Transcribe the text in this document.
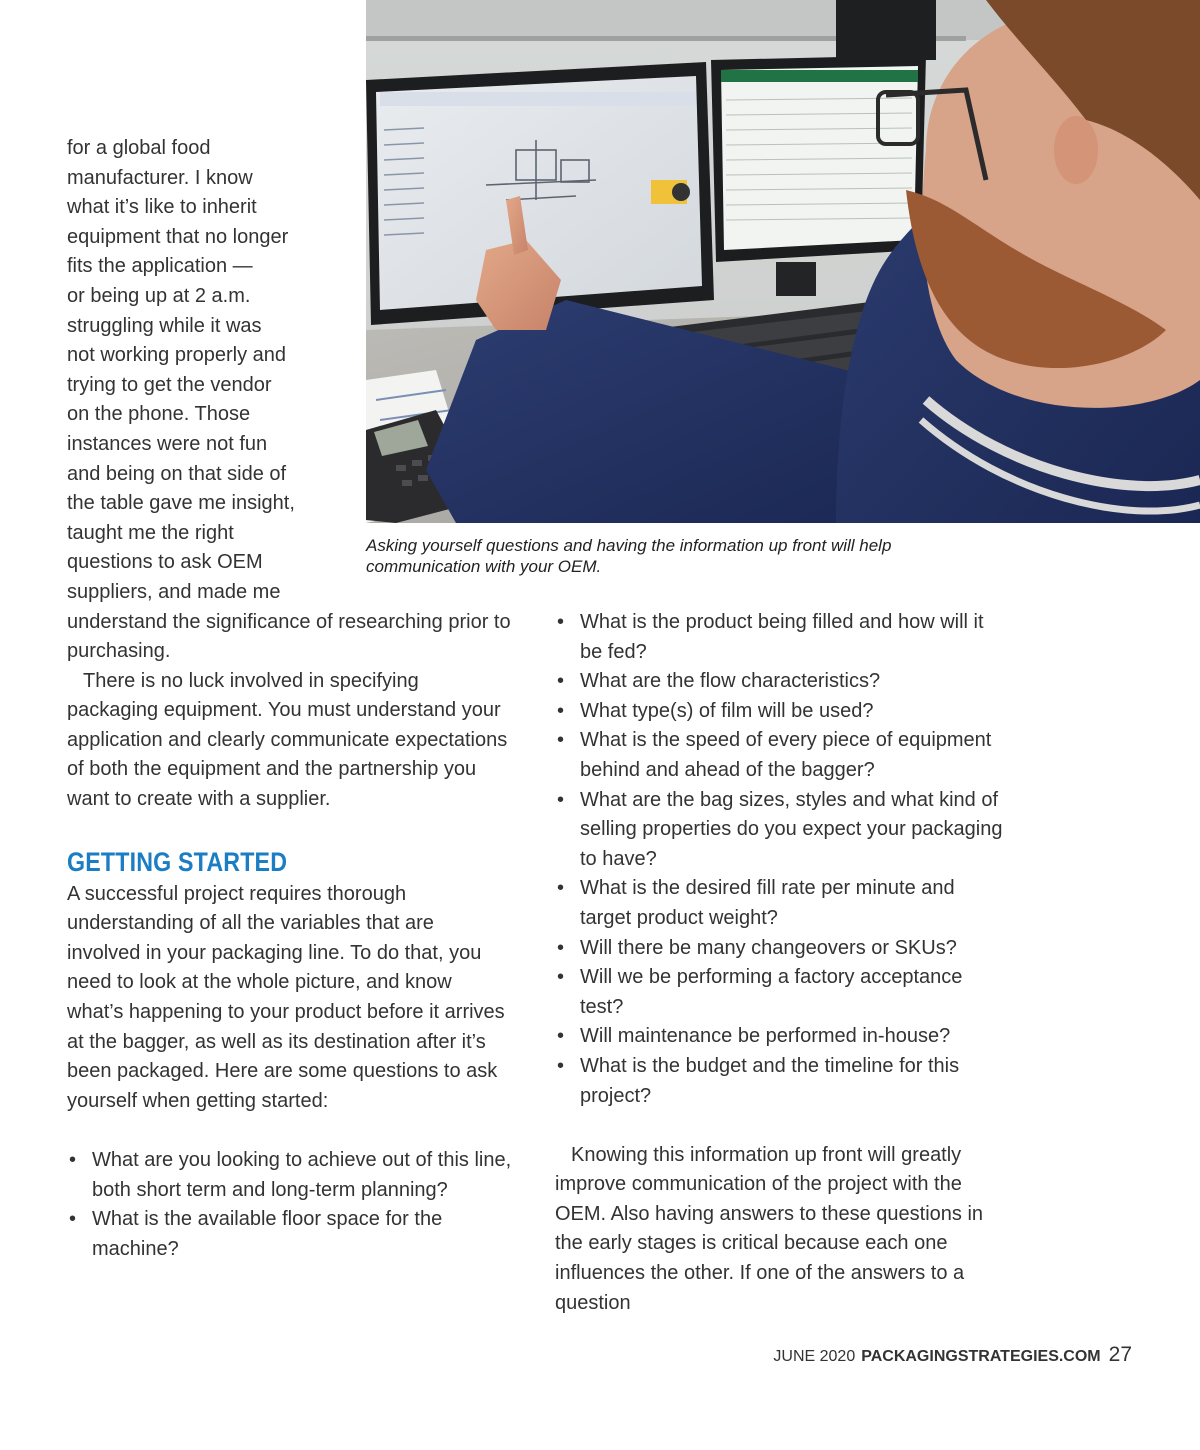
Asking yourself questions and having the information up front will help communication with your OEM.

for a global food
manufacturer. I know
what it’s like to inherit
equipment that no longer
fits the application —
or being up at 2 a.m.
struggling while it was
not working properly and
trying to get the vendor
on the phone. Those
instances were not fun
and being on that side of
the table gave me insight,
taught me the right
questions to ask OEM
suppliers, and made me

understand the significance of researching prior to purchasing.

There is no luck involved in specifying packaging equipment. You must understand your application and clearly communicate expectations of both the equipment and the partnership you want to create with a supplier.

GETTING STARTED

A successful project requires thorough understanding of all the variables that are involved in your packaging line. To do that, you need to look at the whole picture, and know what’s happening to your product before it arrives at the bagger, as well as its destination after it’s been packaged. Here are some questions to ask yourself when getting started:

• What are you looking to achieve out of this line, both short term and long-term planning?
• What is the available floor space for the machine?
• What is the product being filled and how will it be fed?
• What are the flow characteristics?
• What type(s) of film will be used?
• What is the speed of every piece of equipment behind and ahead of the bagger?
• What are the bag sizes, styles and what kind of selling properties do you expect your packaging to have?
• What is the desired fill rate per minute and target product weight?
• Will there be many changeovers or SKUs?
• Will we be performing a factory acceptance test?
• Will maintenance be performed in-house?
• What is the budget and the timeline for this project?

Knowing this information up front will greatly improve communication of the project with the OEM. Also having answers to these questions in the early stages is critical because each one influences the other. If one of the answers to a question

JUNE 2020 PACKAGINGSTRATEGIES.COM 27
